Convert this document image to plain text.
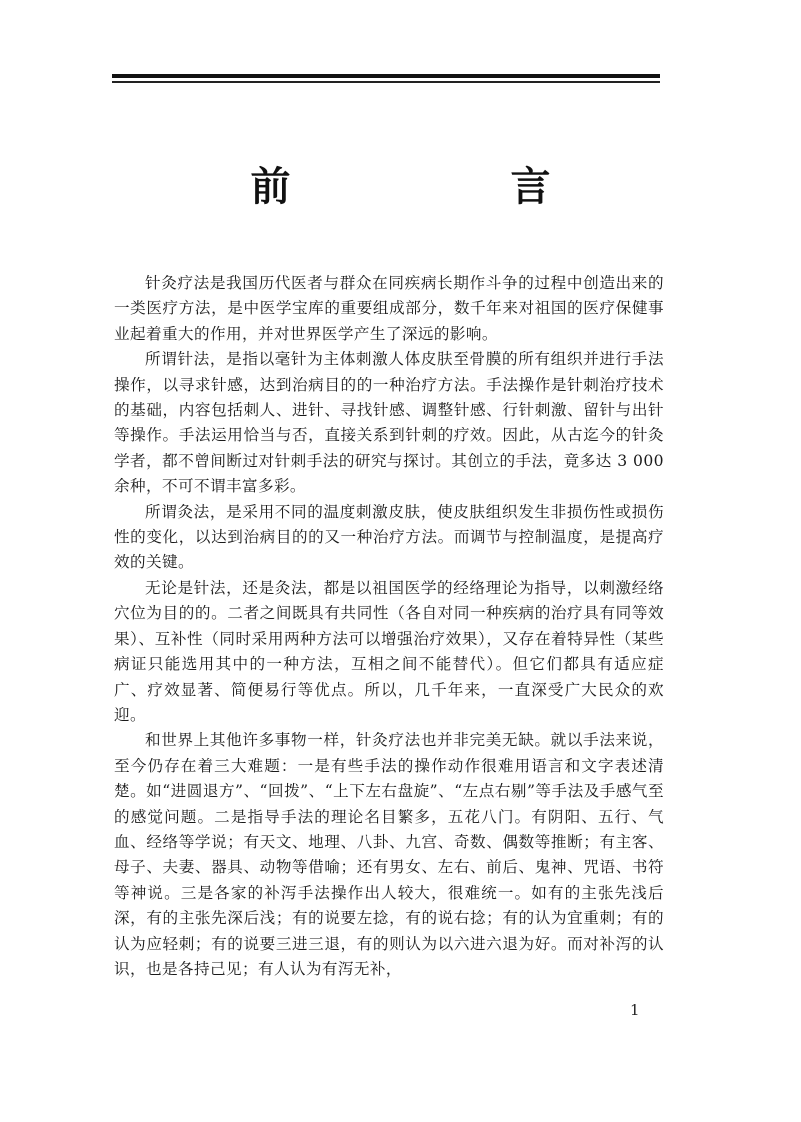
前　言

针灸疗法是我国历代医者与群众在同疾病长期作斗争的过程中创造出来的一类医疗方法，是中医学宝库的重要组成部分，数千年来对祖国的医疗保健事业起着重大的作用，并对世界医学产生了深远的影响。

所谓针法，是指以毫针为主体刺激人体皮肤至骨膜的所有组织并进行手法操作，以寻求针感，达到治病目的的一种治疗方法。手法操作是针刺治疗技术的基础，内容包括刺人、进针、寻找针感、调整针感、行针刺激、留针与出针等操作。手法运用恰当与否，直接关系到针刺的疗效。因此，从古迄今的针灸学者，都不曾间断过对针刺手法的研究与探讨。其创立的手法，竟多达 3 000 余种，不可不谓丰富多彩。

所谓灸法，是采用不同的温度刺激皮肤，使皮肤组织发生非损伤性或损伤性的变化，以达到治病目的的又一种治疗方法。而调节与控制温度，是提高疗效的关键。

无论是针法，还是灸法，都是以祖国医学的经络理论为指导，以刺激经络穴位为目的的。二者之间既具有共同性（各自对同一种疾病的治疗具有同等效果）、互补性（同时采用两种方法可以增强治疗效果），又存在着特异性（某些病证只能选用其中的一种方法，互相之间不能替代）。但它们都具有适应症广、疗效显著、简便易行等优点。所以，几千年来，一直深受广大民众的欢迎。

和世界上其他许多事物一样，针灸疗法也并非完美无缺。就以手法来说，至今仍存在着三大难题：一是有些手法的操作动作很难用语言和文字表述清楚。如“进圆退方”、“回拨”、“上下左右盘旋”、“左点右剔”等手法及手感气至的感觉问题。二是指导手法的理论名目繁多，五花八门。有阴阳、五行、气血、经络等学说；有天文、地理、八卦、九宫、奇数、偶数等推断；有主客、母子、夫妻、器具、动物等借喻；还有男女、左右、前后、鬼神、咒语、书符等神说。三是各家的补泻手法操作出人较大，很难统一。如有的主张先浅后深，有的主张先深后浅；有的说要左捻，有的说右捻；有的认为宜重刺；有的认为应轻刺；有的说要三进三退，有的则认为以六进六退为好。而对补泻的认识，也是各持己见；有人认为有泻无补，

1
